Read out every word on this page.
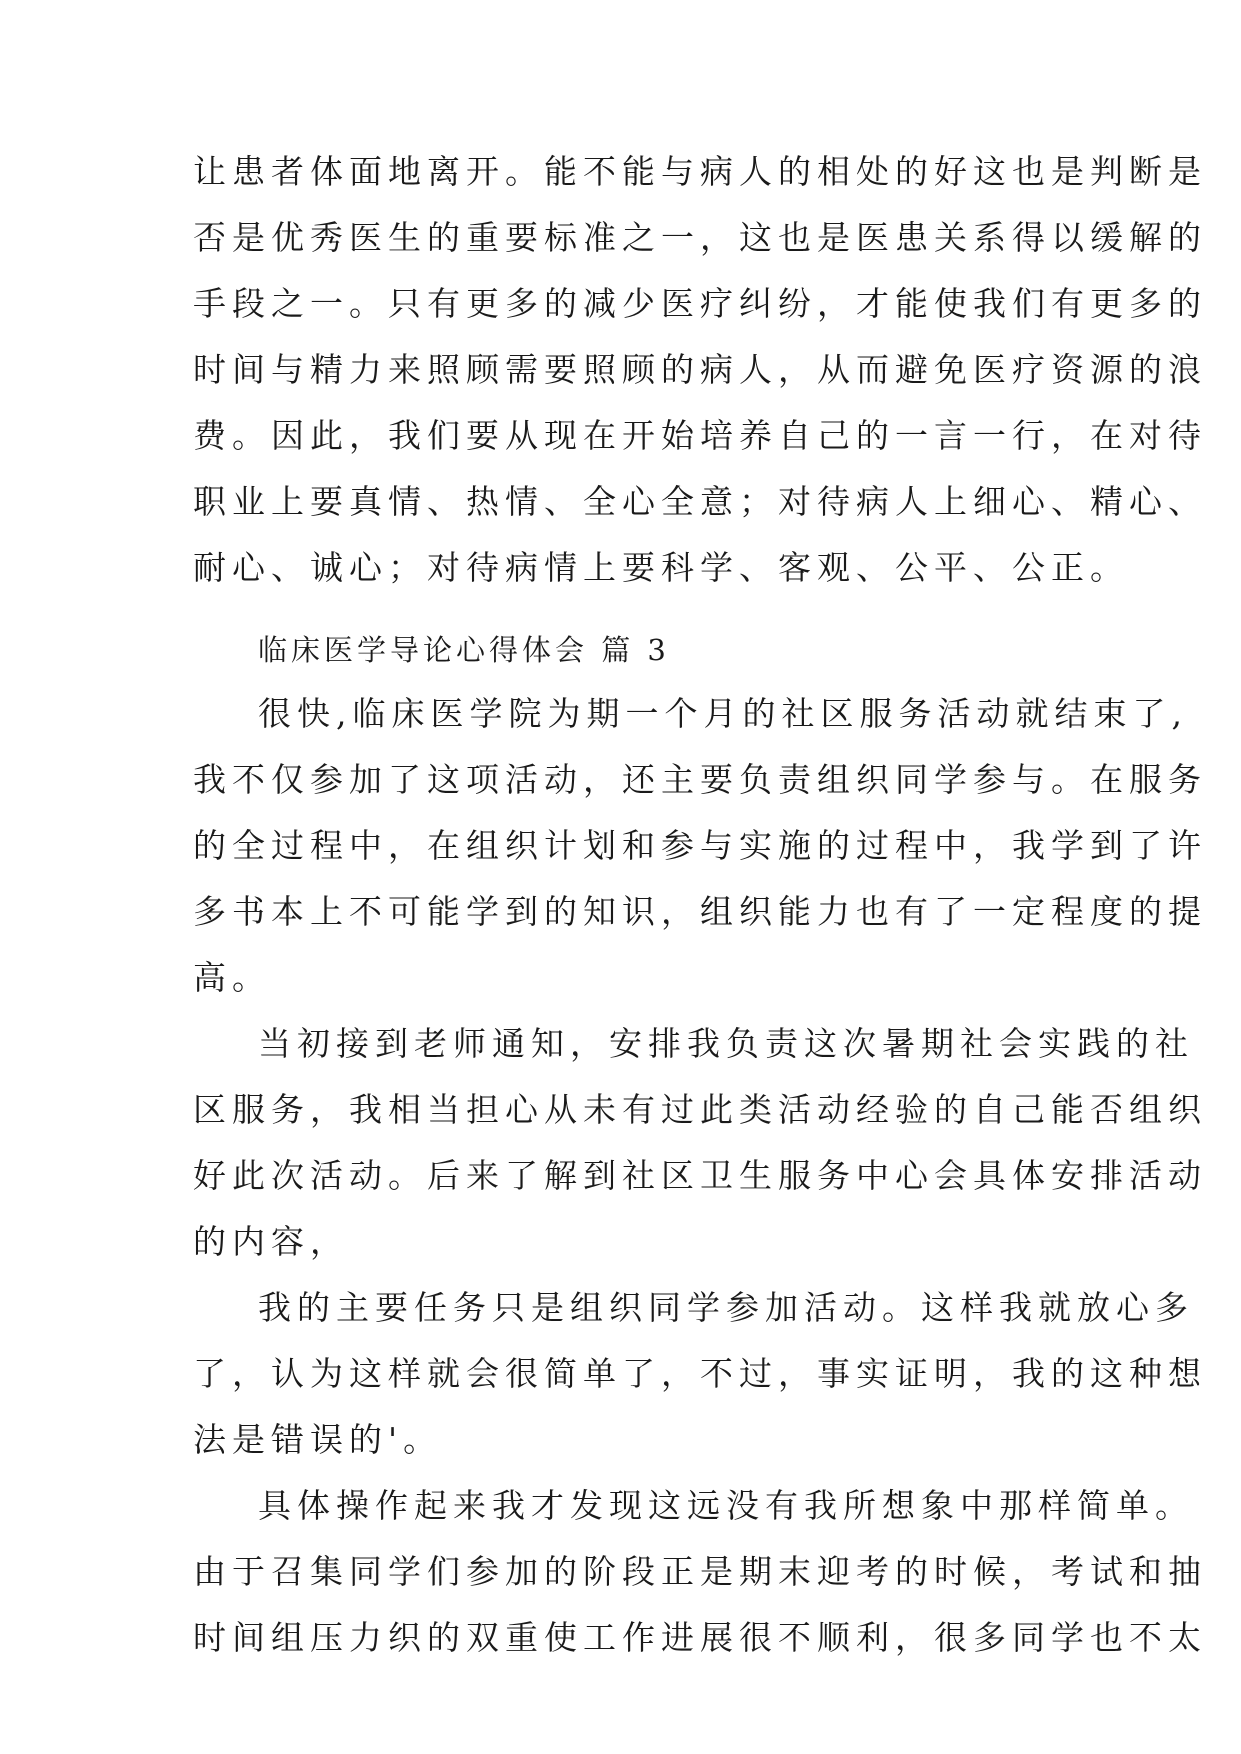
让患者体面地离开。能不能与病人的相处的好这也是判断是
否是优秀医生的重要标准之一，这也是医患关系得以缓解的
手段之一。只有更多的减少医疗纠纷，才能使我们有更多的
时间与精力来照顾需要照顾的病人，从而避免医疗资源的浪
费。因此，我们要从现在开始培养自己的一言一行，在对待
职业上要真情、热情、全心全意；对待病人上细心、精心、
耐心、诚心；对待病情上要科学、客观、公平、公正。
临床医学导论心得体会 篇 3
很快,临床医学院为期一个月的社区服务活动就结束了,
我不仅参加了这项活动，还主要负责组织同学参与。在服务
的全过程中，在组织计划和参与实施的过程中，我学到了许
多书本上不可能学到的知识，组织能力也有了一定程度的提
高。
当初接到老师通知，安排我负责这次暑期社会实践的社
区服务，我相当担心从未有过此类活动经验的自己能否组织
好此次活动。后来了解到社区卫生服务中心会具体安排活动
的内容，
我的主要任务只是组织同学参加活动。这样我就放心多
了，认为这样就会很简单了，不过，事实证明，我的这种想
法是错误的'。
具体操作起来我才发现这远没有我所想象中那样简单。
由于召集同学们参加的阶段正是期末迎考的时候，考试和抽
时间组压力织的双重使工作进展很不顺利，很多同学也不太
